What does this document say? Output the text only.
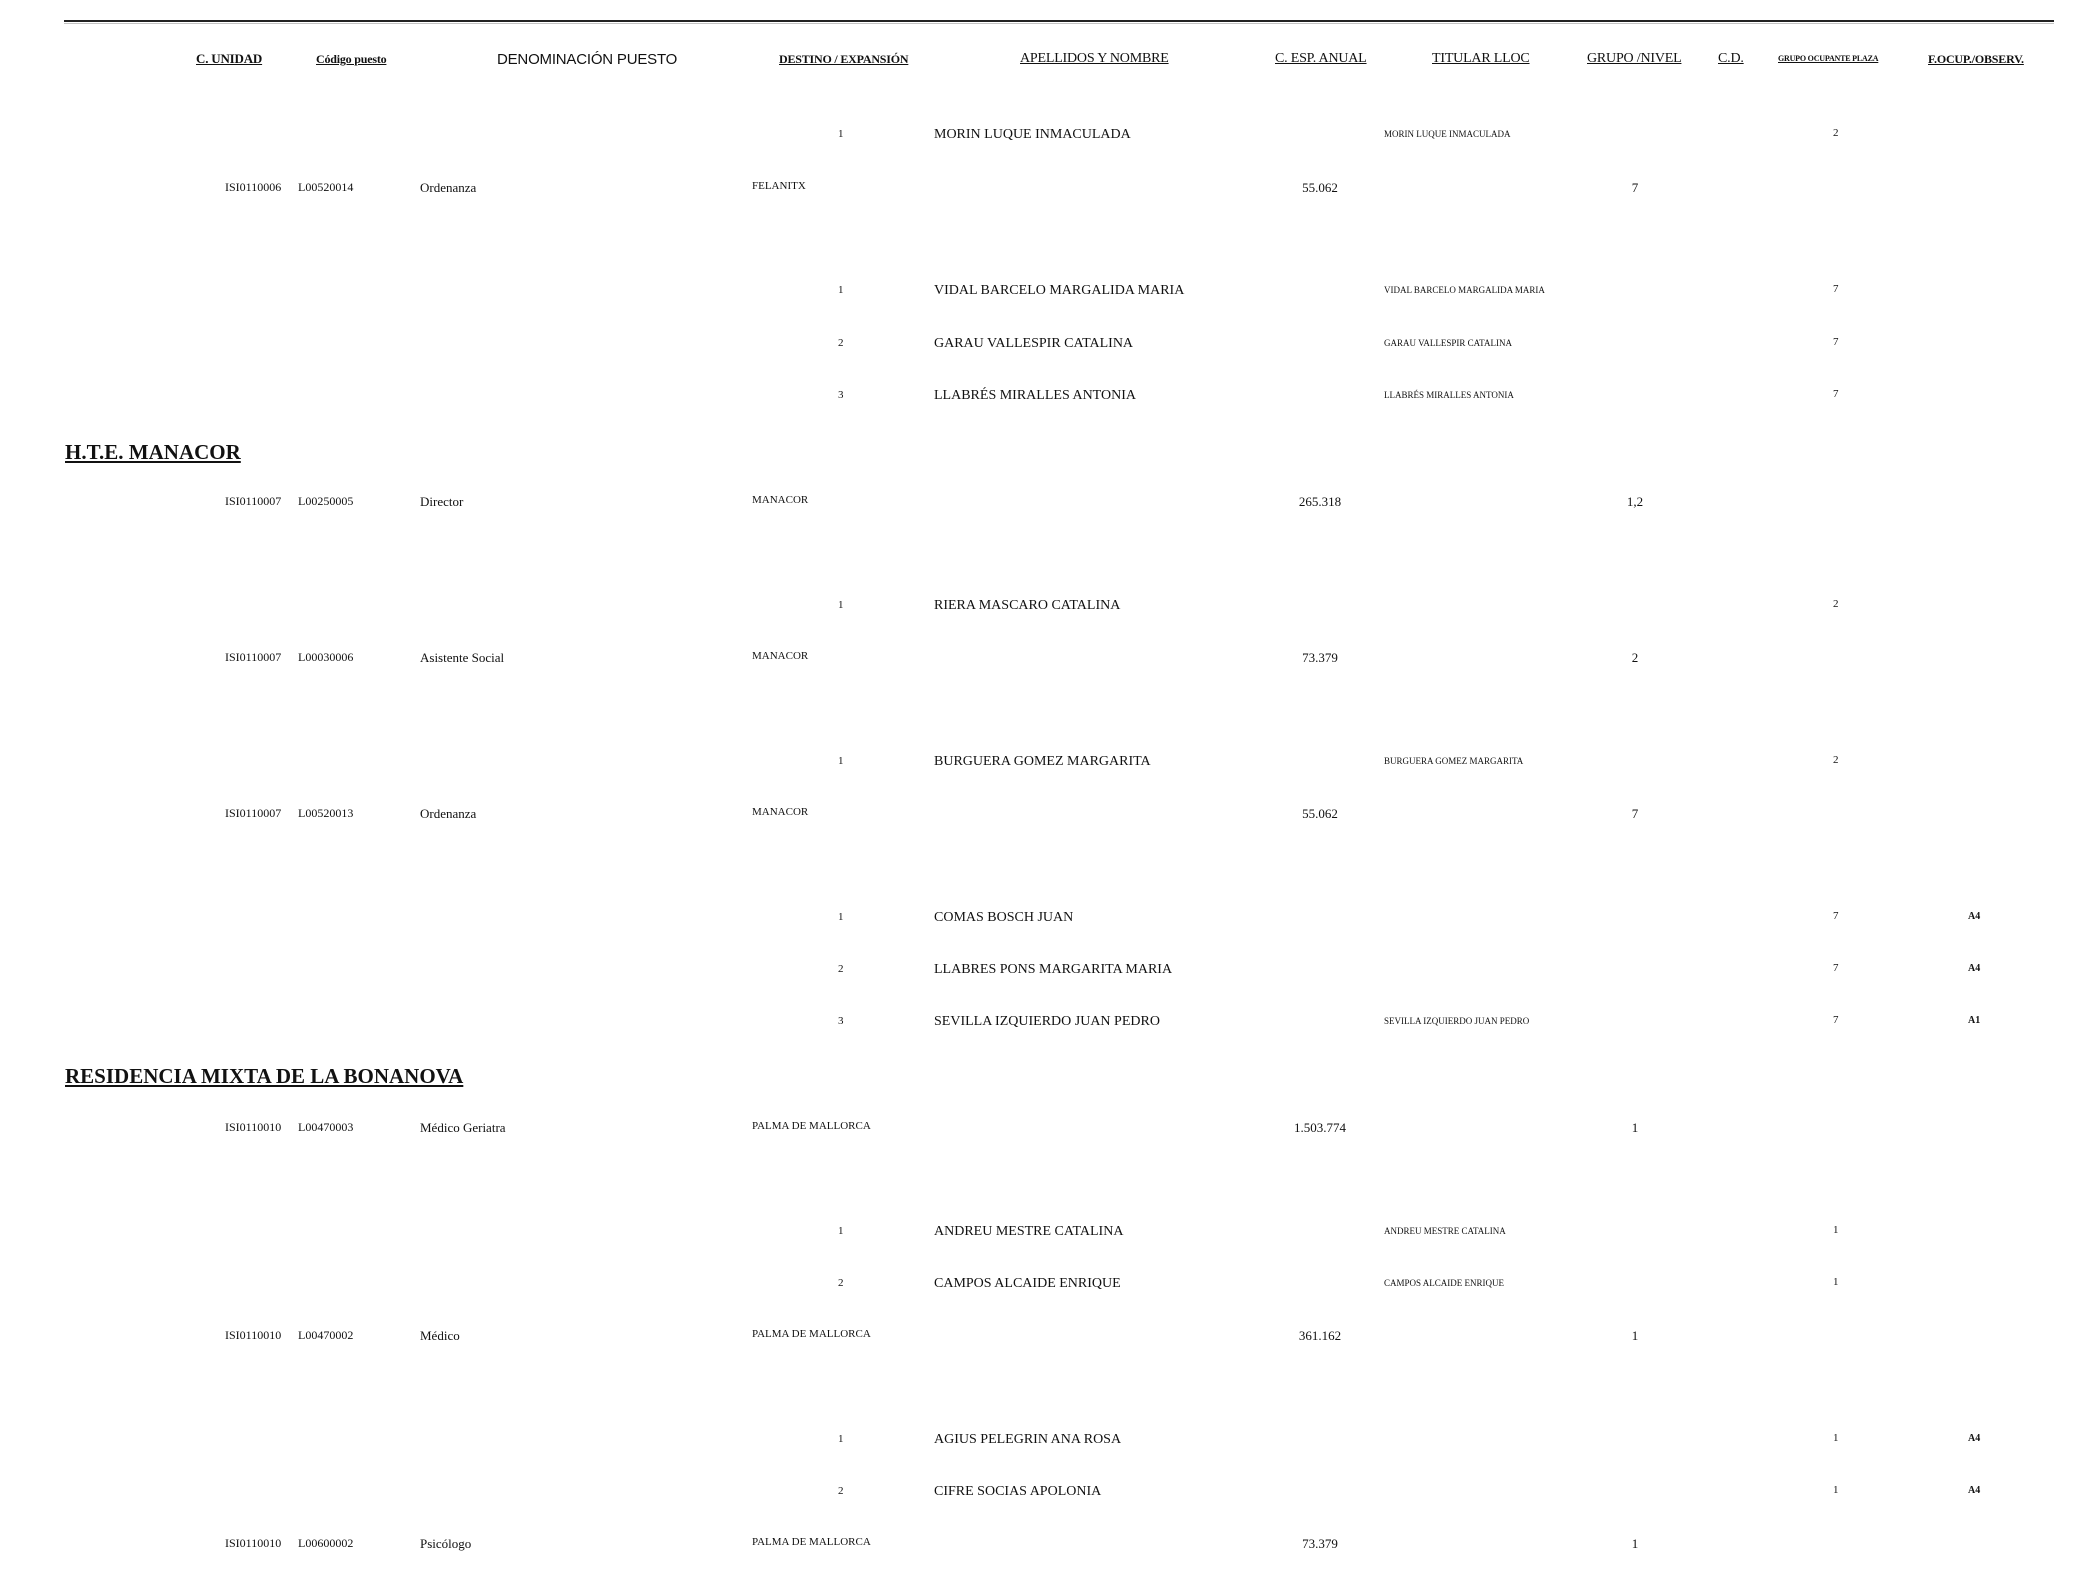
C. UNIDAD	Código puesto	DENOMINACIÓN PUESTO	DESTINO / EXPANSIÓN	APELLIDOS Y NOMBRE	C. ESP. ANUAL	TITULAR LLOC	GRUPO /NIVEL	C.D.	GRUPO OCUPANTE PLAZA	F.OCUP./OBSERV.
H.T.E. MANACOR
RESIDENCIA MIXTA DE LA BONANOVA
1	MORIN LUQUE INMACULADA	MORIN LUQUE INMACULADA	2
ISI0110006 L00520014	Ordenanza	FELANITX	55.062	7
1	VIDAL BARCELO MARGALIDA MARIA	VIDAL BARCELO MARGALIDA MARIA	7
2	GARAU VALLESPIR CATALINA	GARAU VALLESPIR CATALINA	7
3	LLABRÉS MIRALLES ANTONIA	LLABRÉS MIRALLES ANTONIA	7
ISI0110007 L00250005	Director	MANACOR	265.318	1,2
1	RIERA MASCARO CATALINA	2
ISI0110007 L00030006	Asistente Social	MANACOR	73.379	2
1	BURGUERA GOMEZ MARGARITA	BURGUERA GOMEZ MARGARITA	2
ISI0110007 L00520013	Ordenanza	MANACOR	55.062	7
1	COMAS BOSCH JUAN	7	A4
2	LLABRES PONS MARGARITA MARIA	7	A4
3	SEVILLA IZQUIERDO JUAN PEDRO	SEVILLA IZQUIERDO JUAN PEDRO	7	A1
ISI0110010 L00470003	Médico Geriatra	PALMA DE MALLORCA	1.503.774	1
1	ANDREU MESTRE CATALINA	ANDREU MESTRE CATALINA	1
2	CAMPOS ALCAIDE ENRIQUE	CAMPOS ALCAIDE ENRIQUE	1
ISI0110010 L00470002	Médico	PALMA DE MALLORCA	361.162	1
1	AGIUS PELEGRIN ANA ROSA	1	A4
2	CIFRE SOCIAS APOLONIA	1	A4
ISI0110010 L00600002	Psicólogo	PALMA DE MALLORCA	73.379	1
